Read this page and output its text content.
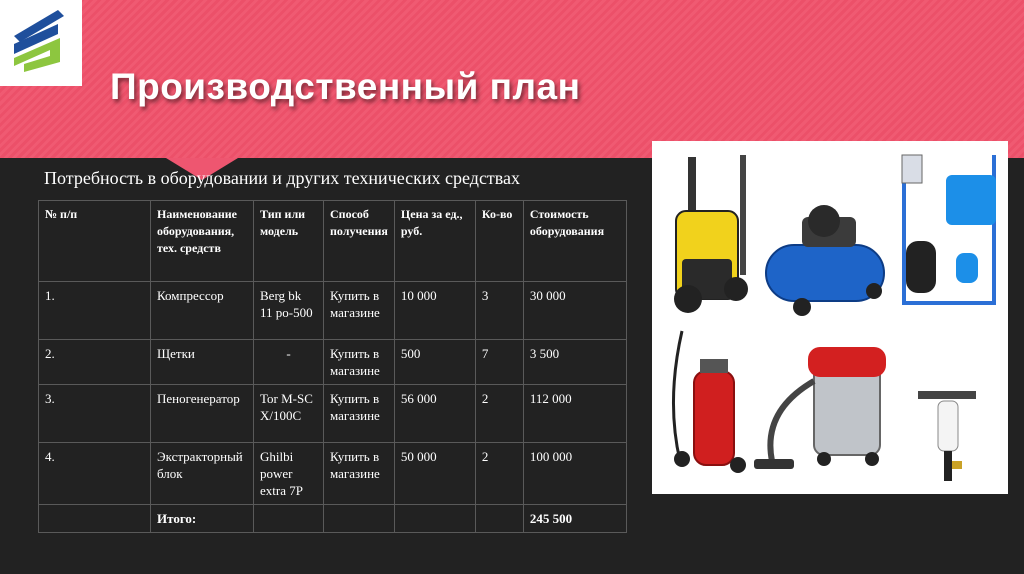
Производственный план
Потребность в оборудовании и других технических средствах
№ п/п	Наименование оборудования, тех. средств	Тип или модель	Способ получения	Цена за ед., руб.	Ко-во	Стоимость оборудования
1.	Компрессор	Berg bk 11 ро-500	Купить в магазине	10 000	3	30 000
2.	Щетки	-	Купить в магазине	500	7	3 500
3.	Пеногенератор	Tor M-SCX/100C	Купить в магазине	56 000	2	112 000
4.	Экстракторный блок	Ghilbi power extra 7P	Купить в магазине	50 000	2	100 000
	Итого:					245 500
